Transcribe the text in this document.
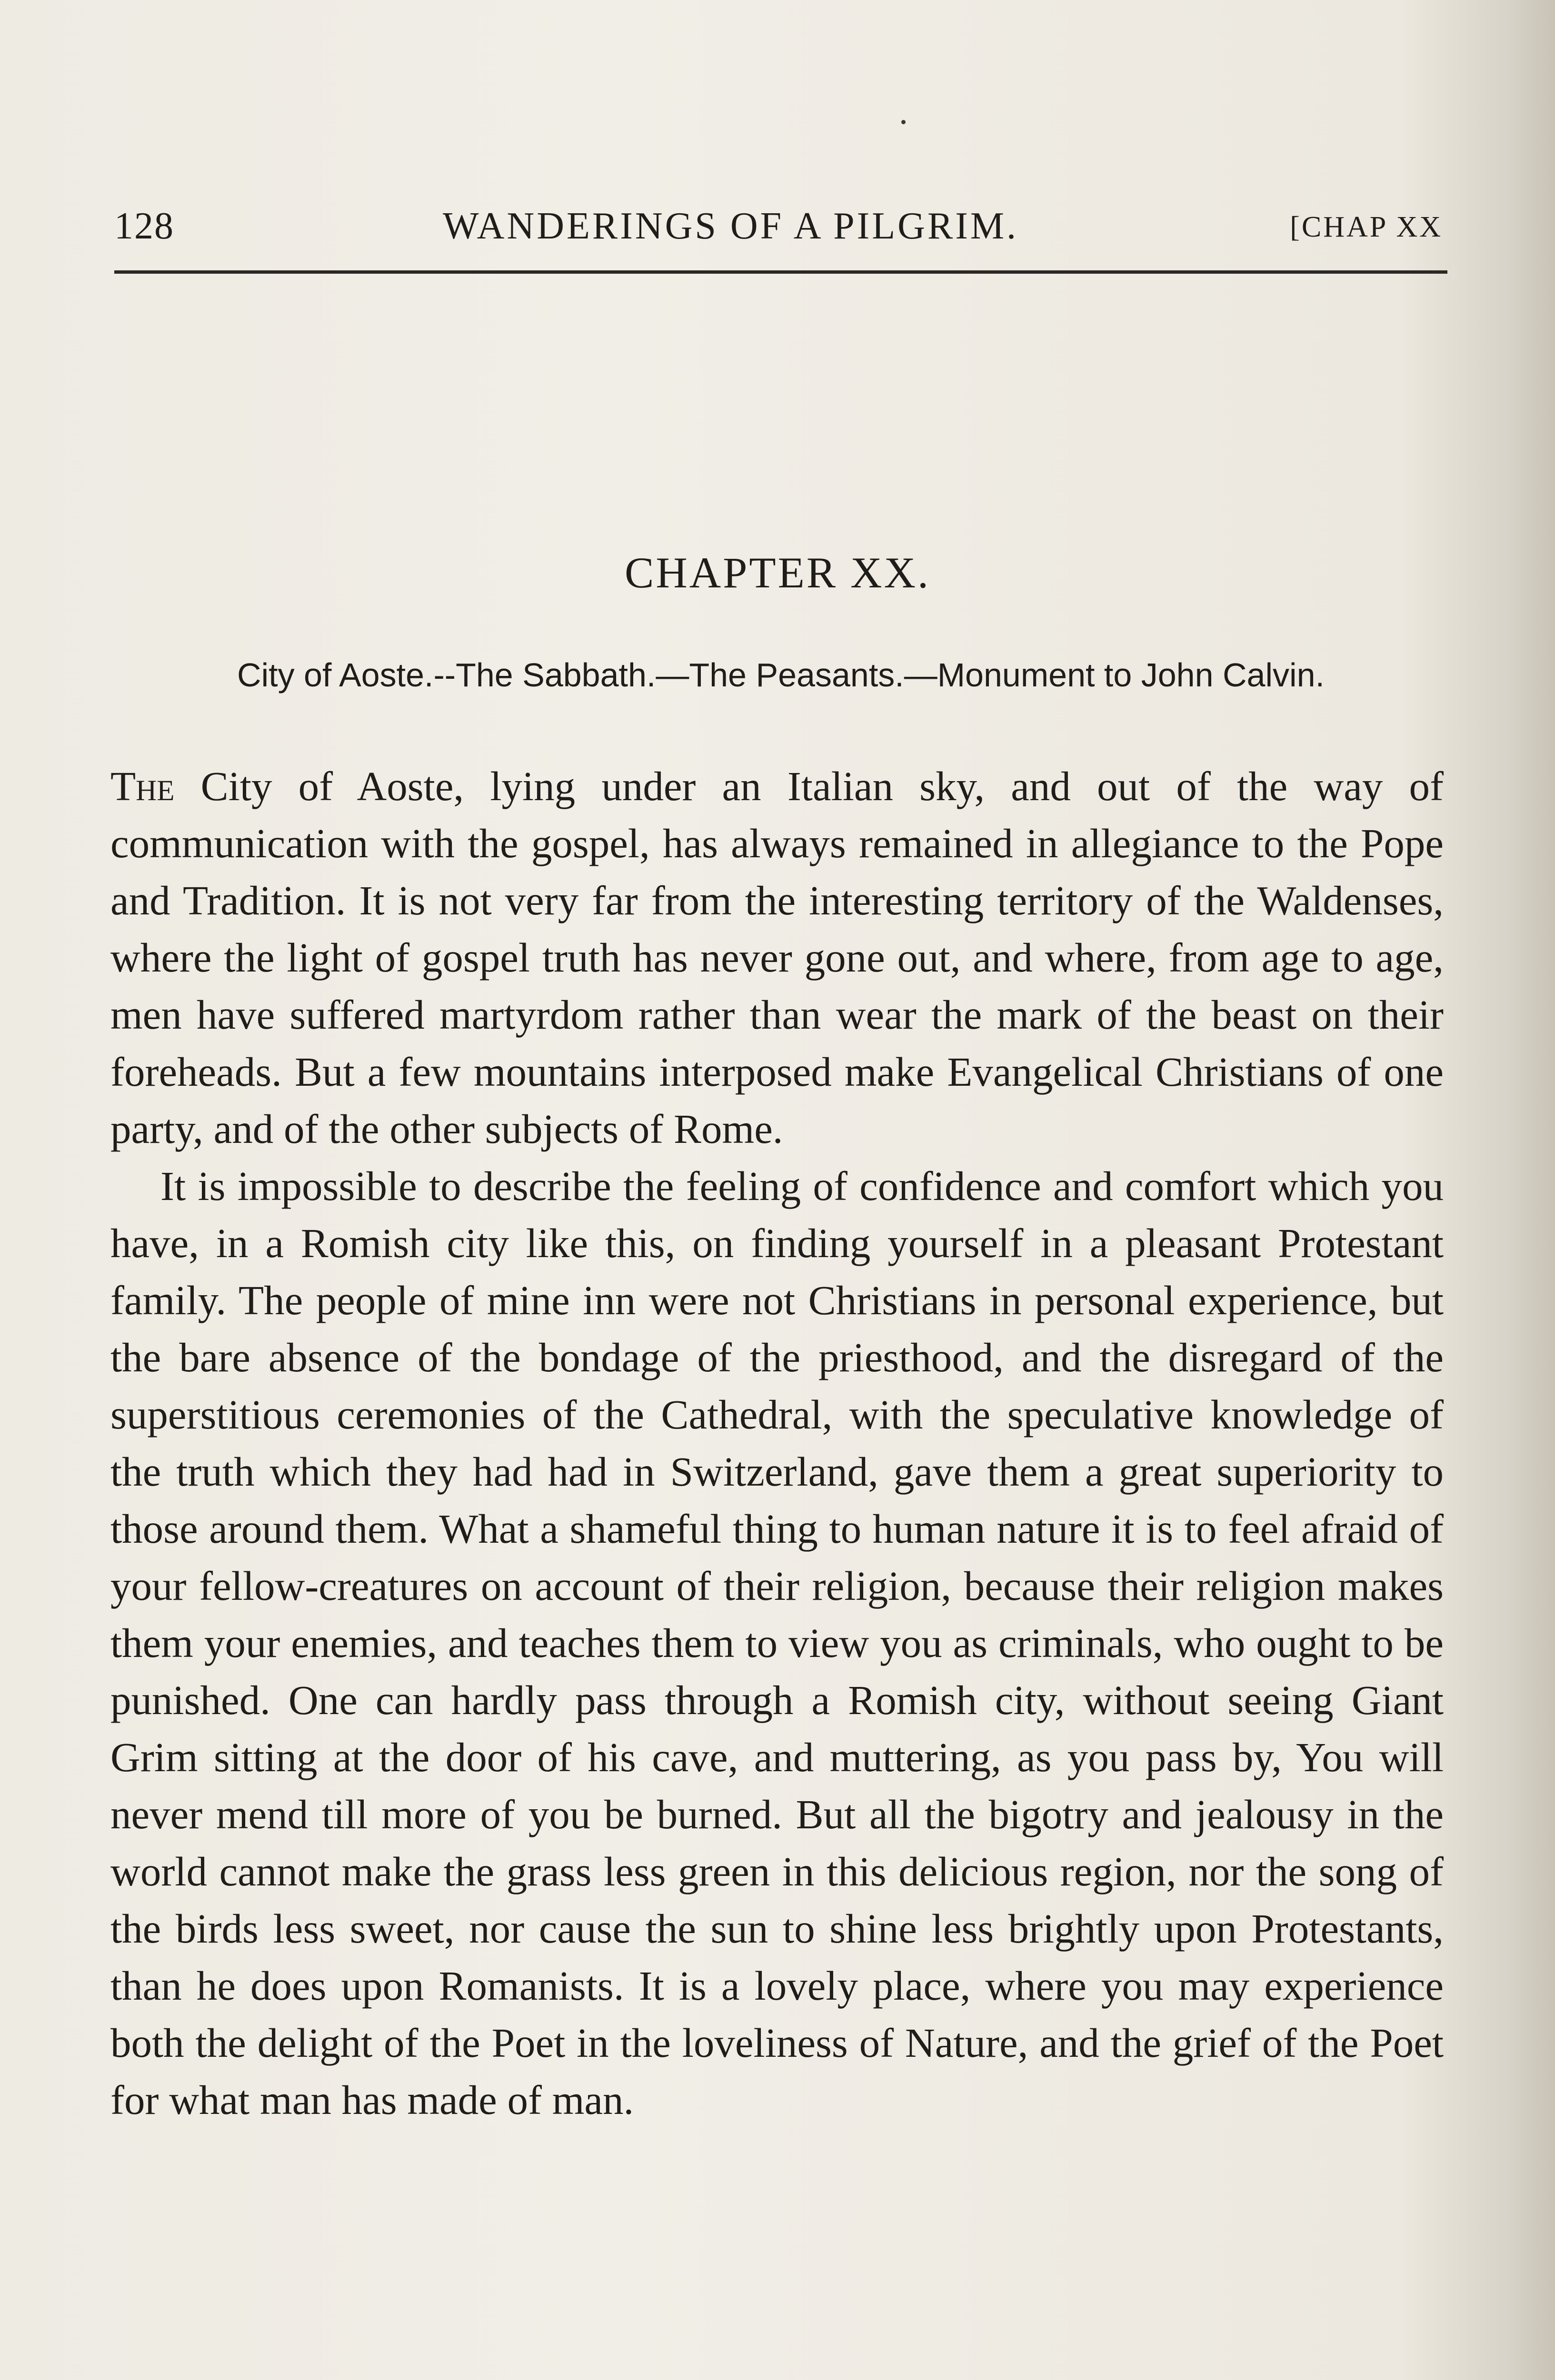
128	WANDERINGS OF A PILGRIM.	[CHAP XX
CHAPTER XX.
City of Aoste.--The Sabbath.—The Peasants.—Monument to John Calvin.

The City of Aoste, lying under an Italian sky, and out of the way of communication with the gospel, has always remained in allegiance to the Pope and Tradition. It is not very far from the interesting territory of the Waldenses, where the light of gospel truth has never gone out, and where, from age to age, men have suffered martyrdom rather than wear the mark of the beast on their foreheads. But a few mountains interposed make Evangelical Christians of one party, and of the other subjects of Rome.

It is impossible to describe the feeling of confidence and comfort which you have, in a Romish city like this, on finding yourself in a pleasant Protestant family. The people of mine inn were not Christians in personal experience, but the bare absence of the bondage of the priesthood, and the disregard of the superstitious ceremonies of the Cathedral, with the speculative knowledge of the truth which they had had in Switzerland, gave them a great superiority to those around them. What a shameful thing to human nature it is to feel afraid of your fellow-creatures on account of their religion, because their religion makes them your enemies, and teaches them to view you as criminals, who ought to be punished. One can hardly pass through a Romish city, without seeing Giant Grim sitting at the door of his cave, and muttering, as you pass by, You will never mend till more of you be burned. But all the bigotry and jealousy in the world cannot make the grass less green in this delicious region, nor the song of the birds less sweet, nor cause the sun to shine less brightly upon Protestants, than he does upon Romanists. It is a lovely place, where you may experience both the delight of the Poet in the loveliness of Nature, and the grief of the Poet for what man has made of man.
